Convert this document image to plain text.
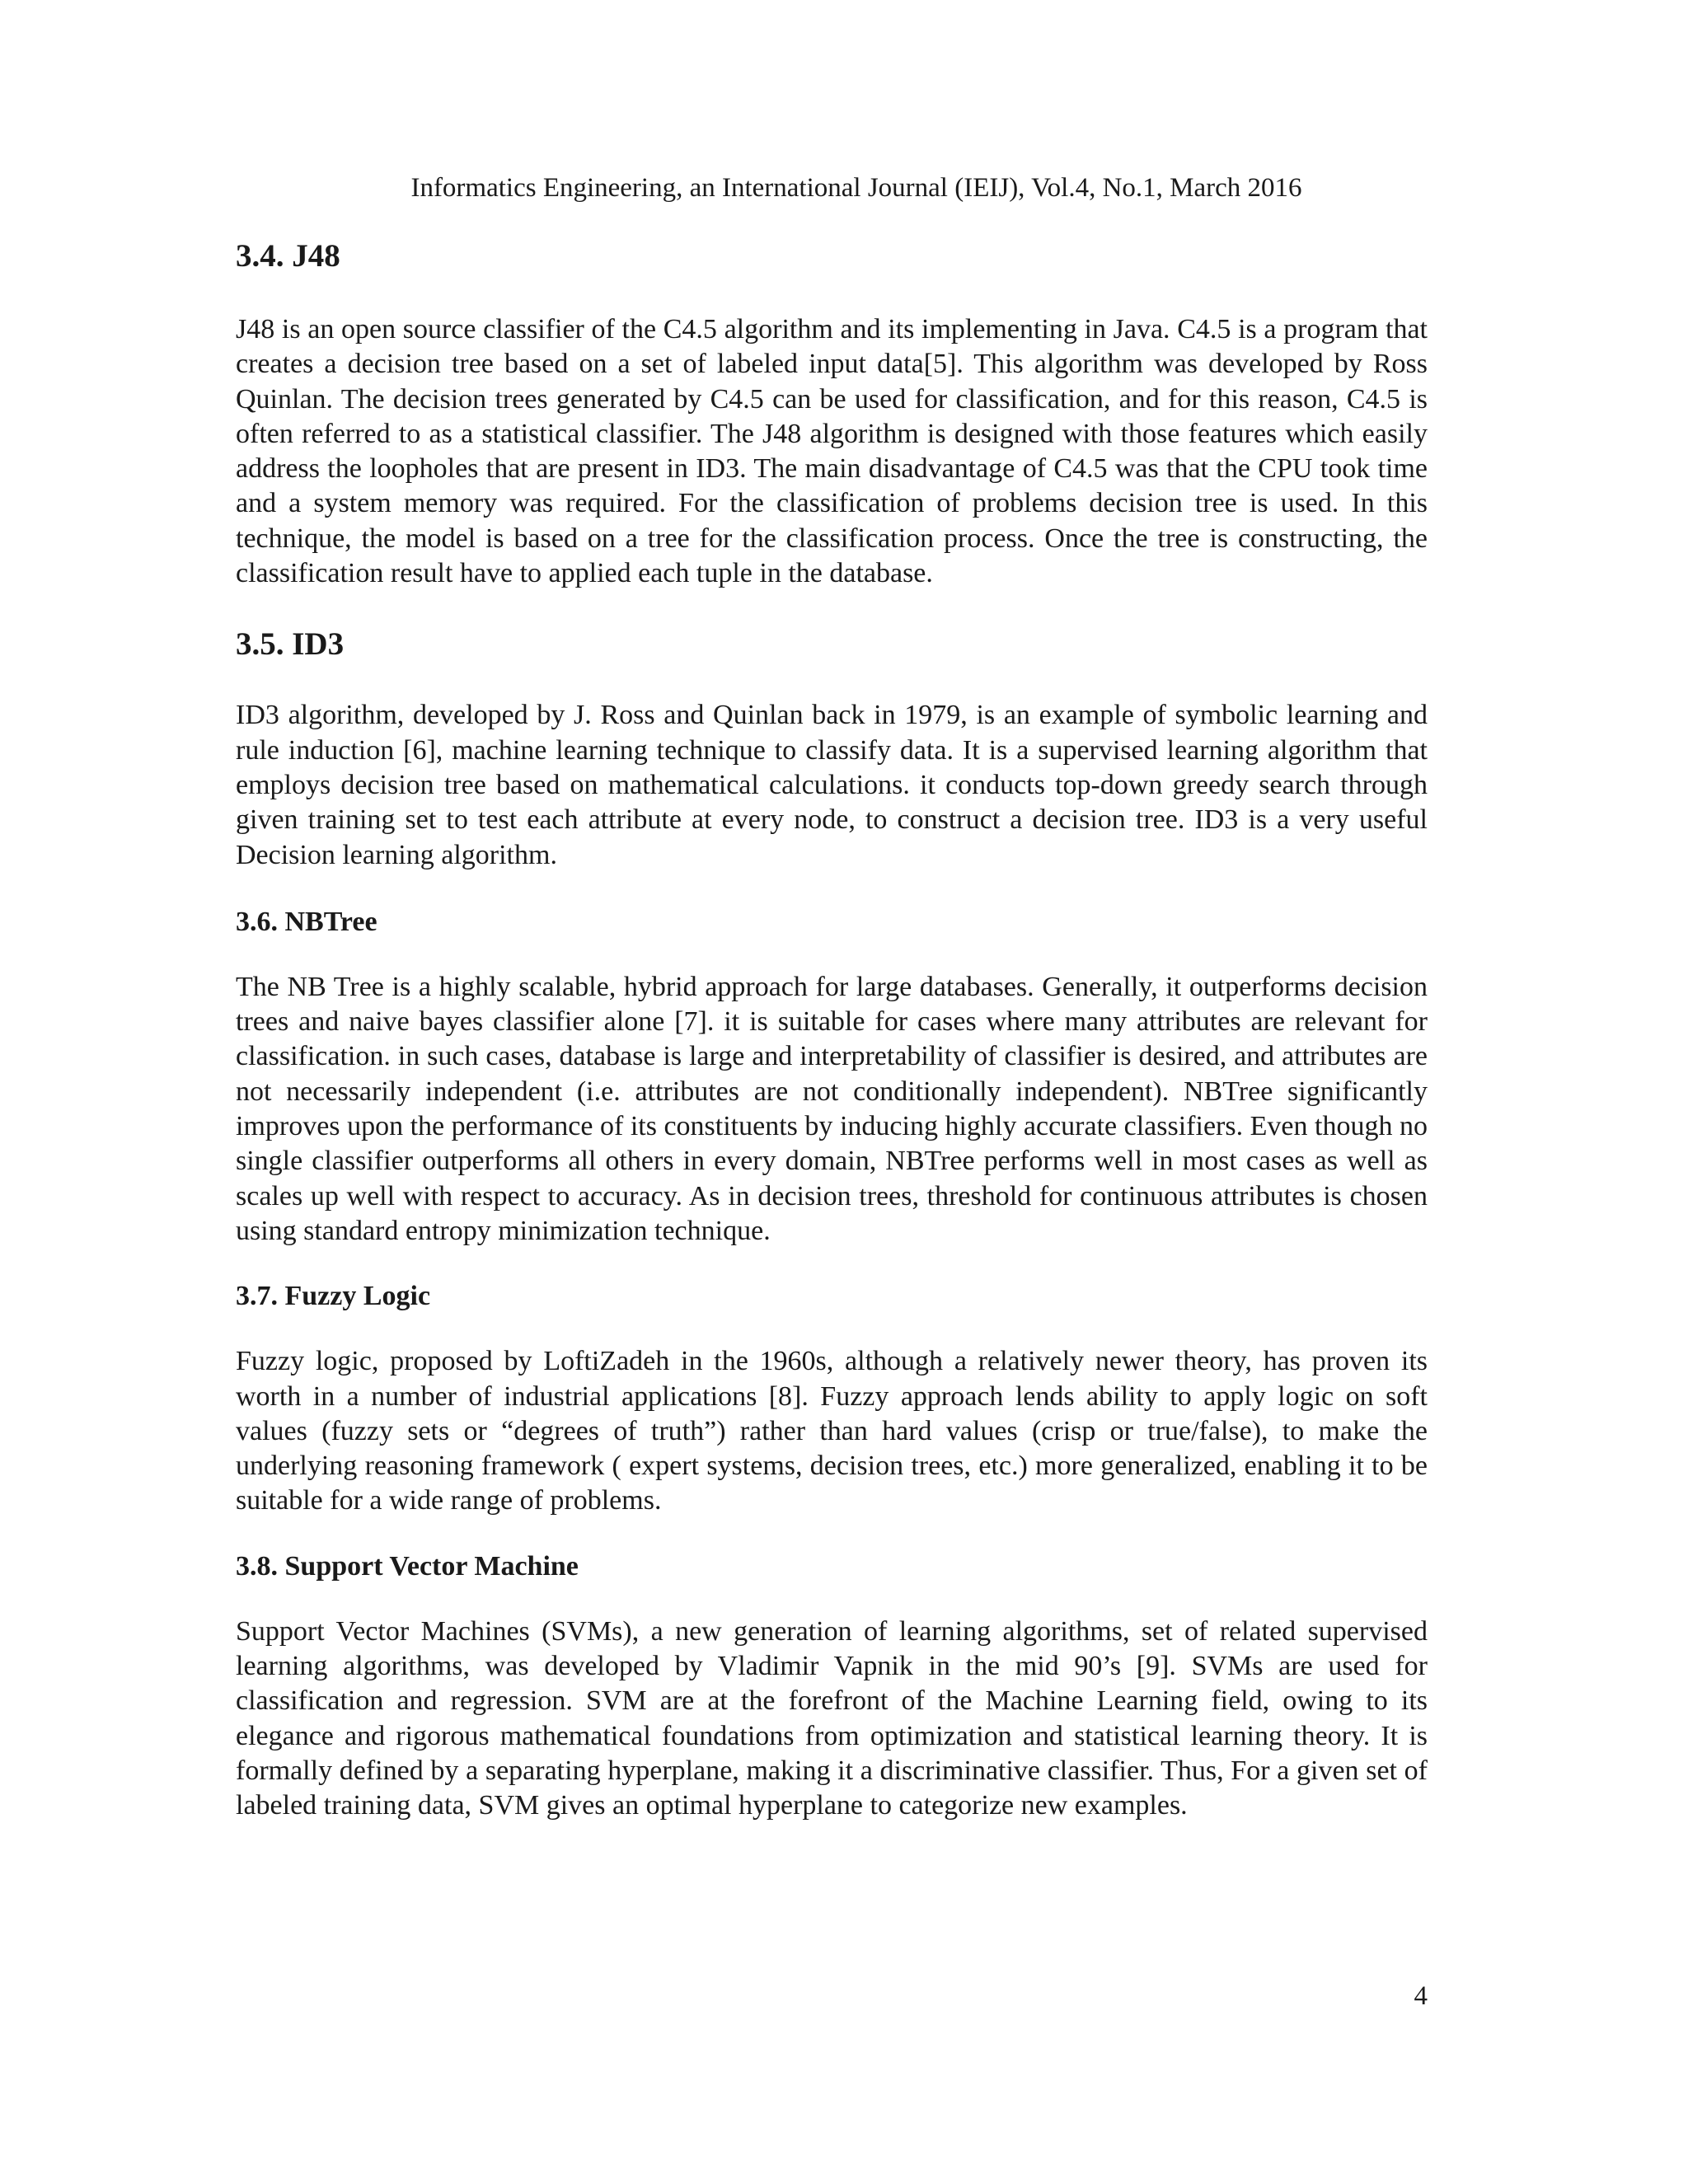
Informatics Engineering, an International Journal (IEIJ), Vol.4, No.1, March 2016
3.4. J48

J48 is an open source classifier of the C4.5 algorithm and its implementing in Java. C4.5 is a program that creates a decision tree based on a set of labeled input data[5]. This algorithm was developed by Ross Quinlan. The decision trees generated by C4.5 can be used for classification, and for this reason, C4.5 is often referred to as a statistical classifier. The J48 algorithm is designed with those features which easily address the loopholes that are present in ID3. The main disadvantage of C4.5 was that the CPU took time and a system memory was required. For the classification of problems decision tree is used. In this technique, the model is based on a tree for the classification process. Once the tree is constructing, the classification result have to applied each tuple in the database.

3.5. ID3

ID3 algorithm, developed by J. Ross and Quinlan back in 1979, is an example of symbolic learning and rule induction [6], machine learning technique to classify data. It is a supervised learning algorithm that employs decision tree based on mathematical calculations. it conducts top-down greedy search through given training set to test each attribute at every node, to construct a decision tree. ID3 is a very useful Decision learning algorithm.

3.6. NBTree

The NB Tree is a highly scalable, hybrid approach for large databases. Generally, it outperforms decision trees and naive bayes classifier alone [7]. it is suitable for cases where many attributes are relevant for classification. in such cases, database is large and interpretability of classifier is desired, and attributes are not necessarily independent (i.e. attributes are not conditionally independent). NBTree significantly improves upon the performance of its constituents by inducing highly accurate classifiers. Even though no single classifier outperforms all others in every domain, NBTree performs well in most cases as well as scales up well with respect to accuracy. As in decision trees, threshold for continuous attributes is chosen using standard entropy minimization technique.

3.7. Fuzzy Logic

Fuzzy logic, proposed by LoftiZadeh in the 1960s, although a relatively newer theory, has proven its worth in a number of industrial applications [8]. Fuzzy approach lends ability to apply logic on soft values (fuzzy sets or “degrees of truth”) rather than hard values (crisp or true/false), to make the underlying reasoning framework ( expert systems, decision trees, etc.) more generalized, enabling it to be suitable for a wide range of problems.

3.8. Support Vector Machine

Support Vector Machines (SVMs), a new generation of learning algorithms, set of related supervised learning algorithms, was developed by Vladimir Vapnik in the mid 90’s [9]. SVMs are used for classification and regression. SVM are at the forefront of the Machine Learning field, owing to its elegance and rigorous mathematical foundations from optimization and statistical learning theory. It is formally defined by a separating hyperplane, making it a discriminative classifier. Thus, For a given set of labeled training data, SVM gives an optimal hyperplane to categorize new examples.

4
